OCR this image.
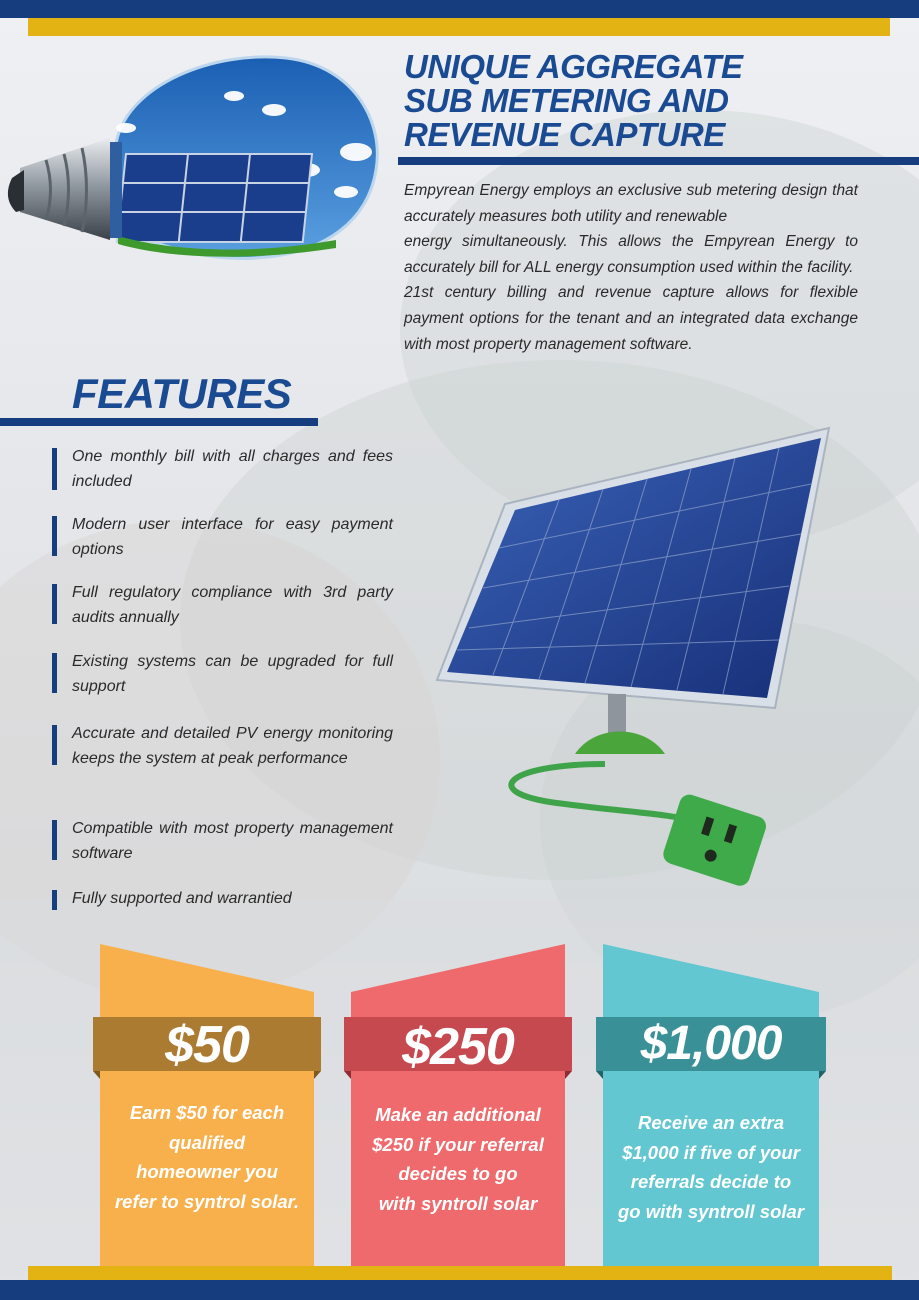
UNIQUE AGGREGATE
SUB METERING AND
REVENUE CAPTURE

Empyrean Energy employs an exclusive sub metering design that accurately measures both utility and renewable

energy simultaneously. This allows the Empyrean Energy to accurately bill for ALL energy consumption used within the facility.

21st century billing and revenue capture allows for flexible payment options for the tenant and an integrated data exchange with most property management software.

FEATURES
One monthly bill with all charges and fees included
Modern user interface for easy payment options
Full regulatory compliance with 3rd party audits annually
Existing systems can be upgraded for full support
Accurate and detailed PV energy monitoring keeps the system at peak performance
Compatible with most property management software
Fully supported and warrantied
$50
Earn $50 for each
qualified
homeowner you
refer to syntrol solar.
$250
Make an additional
$250 if your referral
decides to go
with syntroll solar
$1,000
Receive an extra
$1,000 if five of your
referrals decide to
go with syntroll solar
